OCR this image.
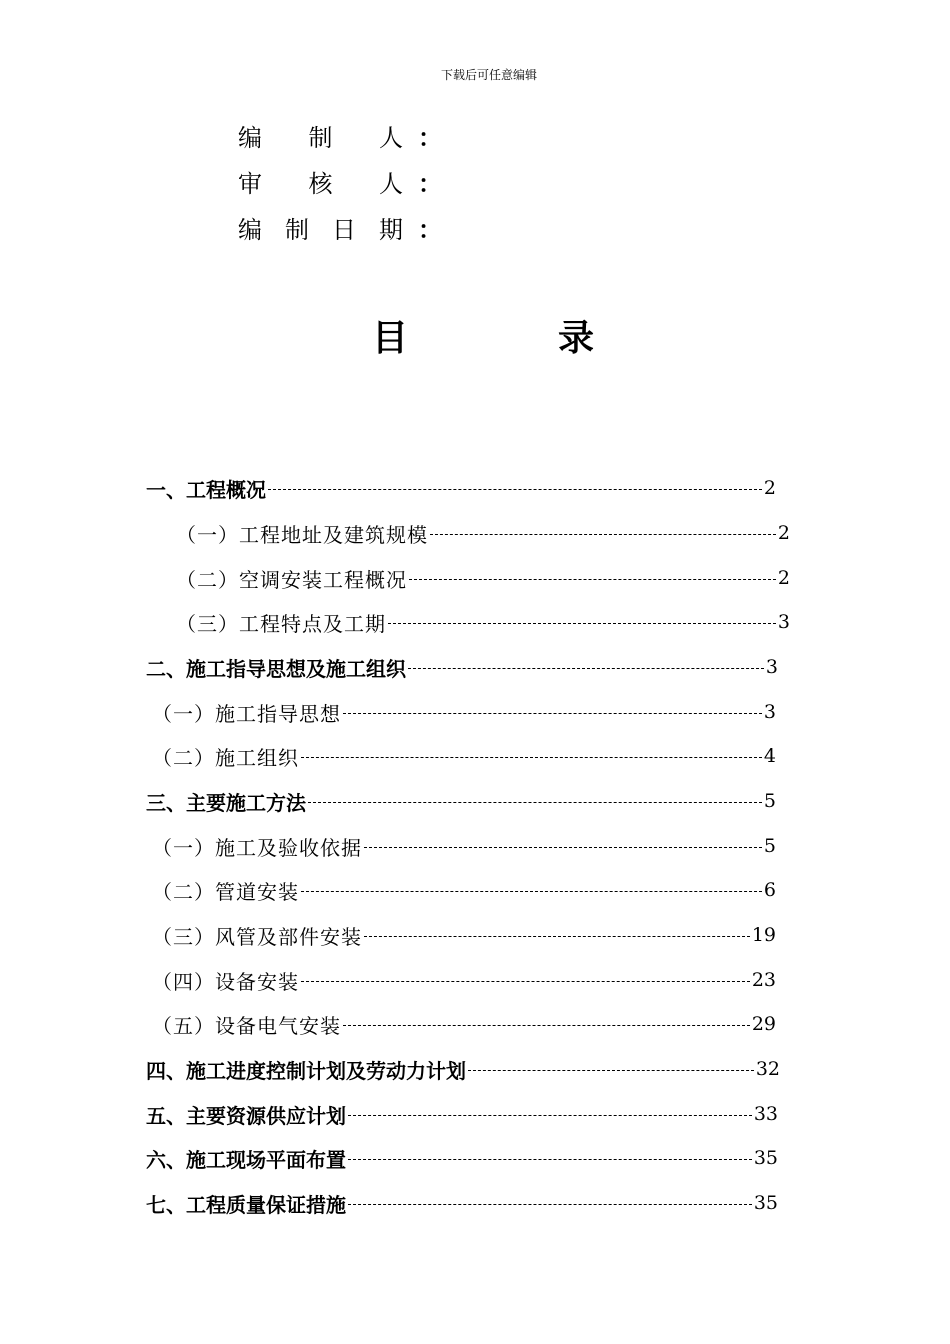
下载后可任意编辑
编制人 ：
审核人 ：
编制日期 ：
目录
一、工程概况	2
（一）工程地址及建筑规模	2
（二）空调安装工程概况	2
（三）工程特点及工期	3
二、施工指导思想及施工组织	3
（一）施工指导思想	3
（二）施工组织	4
三、主要施工方法	5
（一）施工及验收依据	5
（二）管道安装	6
（三）风管及部件安装	19
（四）设备安装	23
（五）设备电气安装	29
四、施工进度控制计划及劳动力计划	32
五、主要资源供应计划	33
六、施工现场平面布置	35
七、工程质量保证措施	35
